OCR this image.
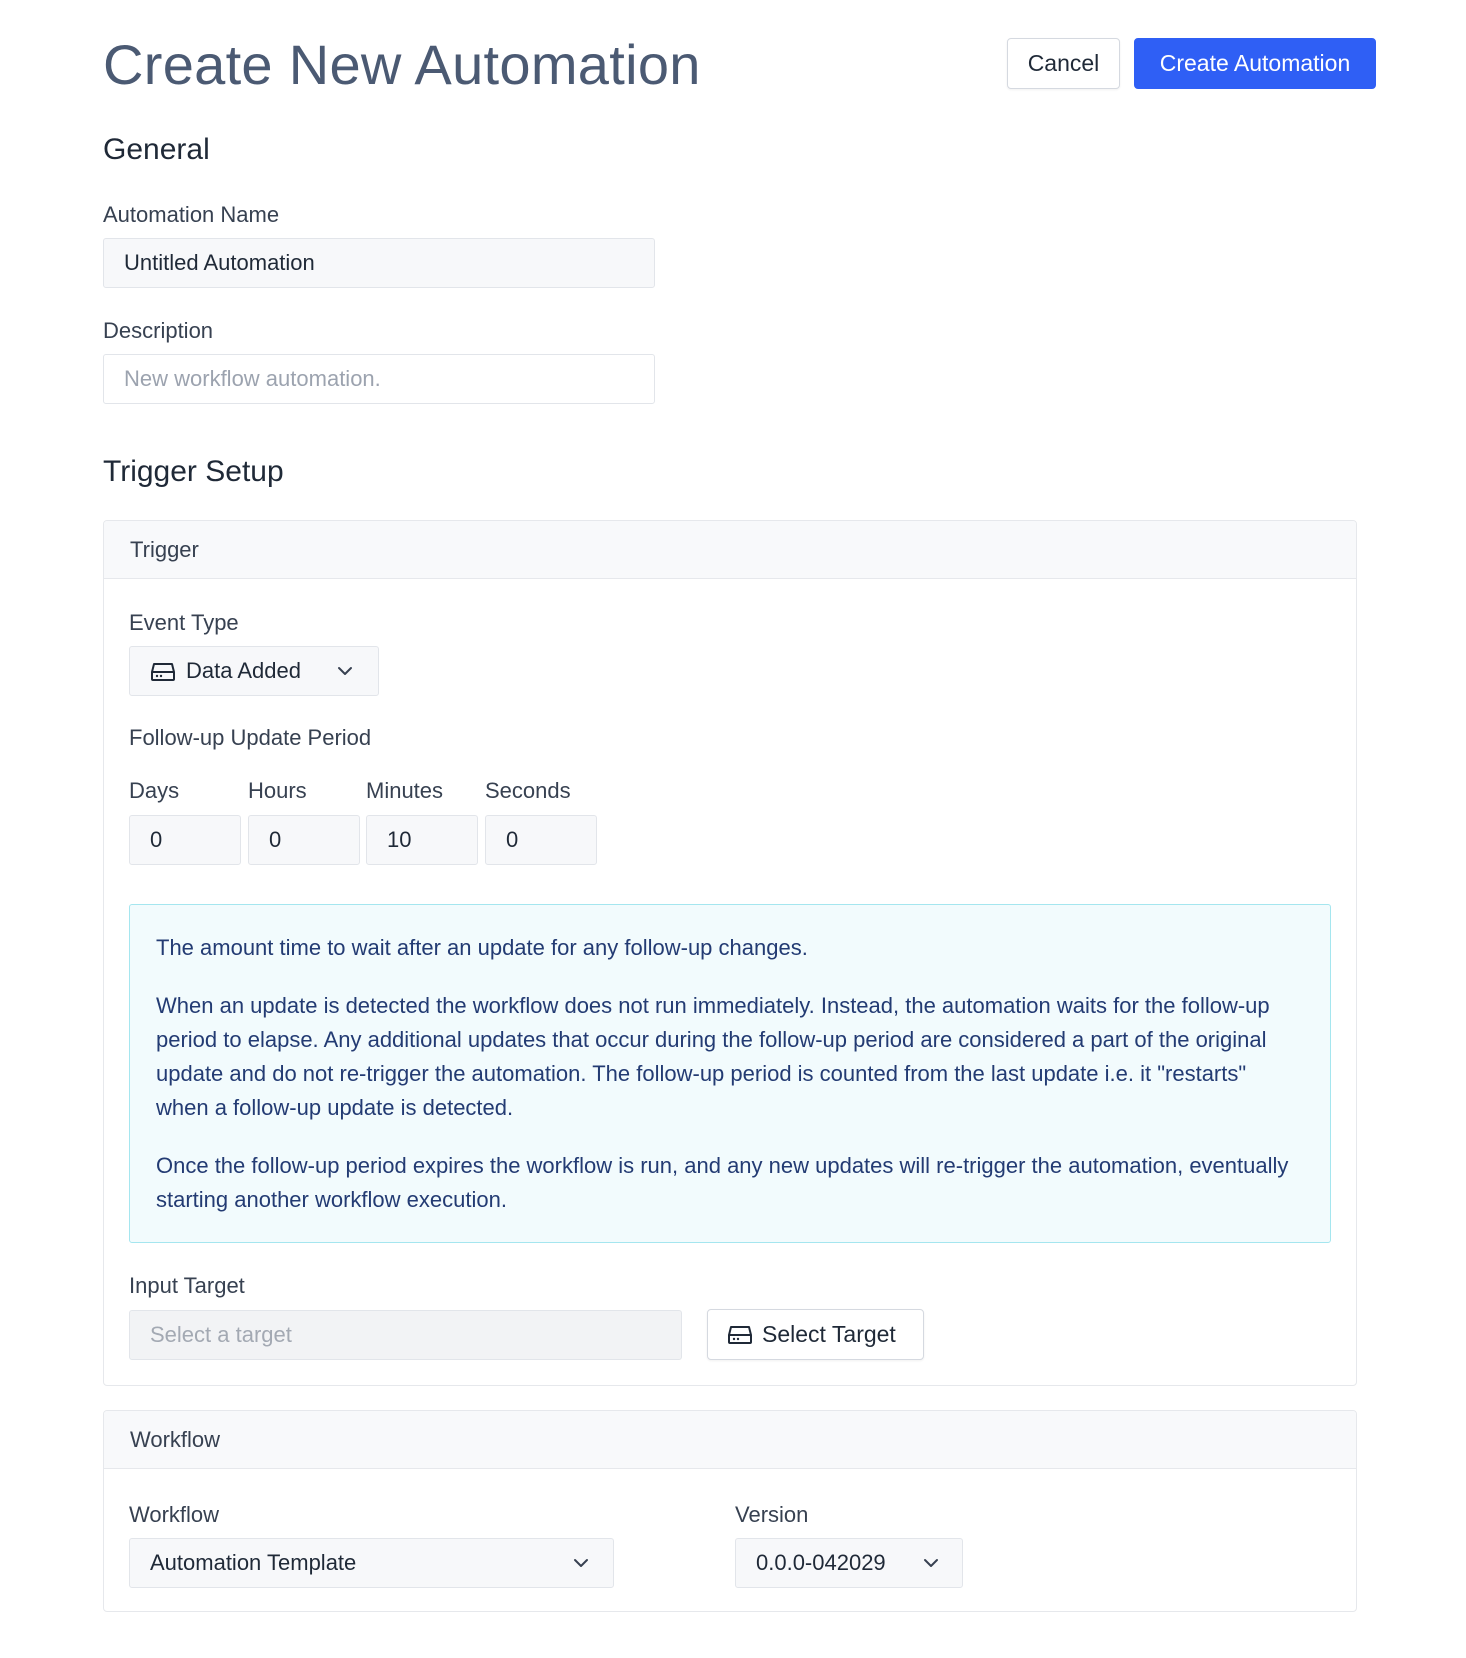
Create New Automation	Cancel	Create Automation
General
Automation Name
Untitled Automation
Description
New workflow automation.
Trigger Setup
Trigger
Event Type
Data Added
Follow-up Update Period
Days	Hours	Minutes Seconds
0	0	10	0

The amount time to wait after an update for any follow-up changes.

When an update is detected the workflow does not run immediately. Instead, the automation waits for the follow-up period to elapse. Any additional updates that occur during the follow-up period are considered a part of the original update and do not re-trigger the automation. The follow-up period is counted from the last update i.e. it "restarts" when a follow-up update is detected.

Once the follow-up period expires the workflow is run, and any new updates will re-trigger the automation, eventually starting another workflow execution.

Input Target
Select a target	Select Target
Workflow
Workflow
Automation Template
Version
0.0.0-042029
